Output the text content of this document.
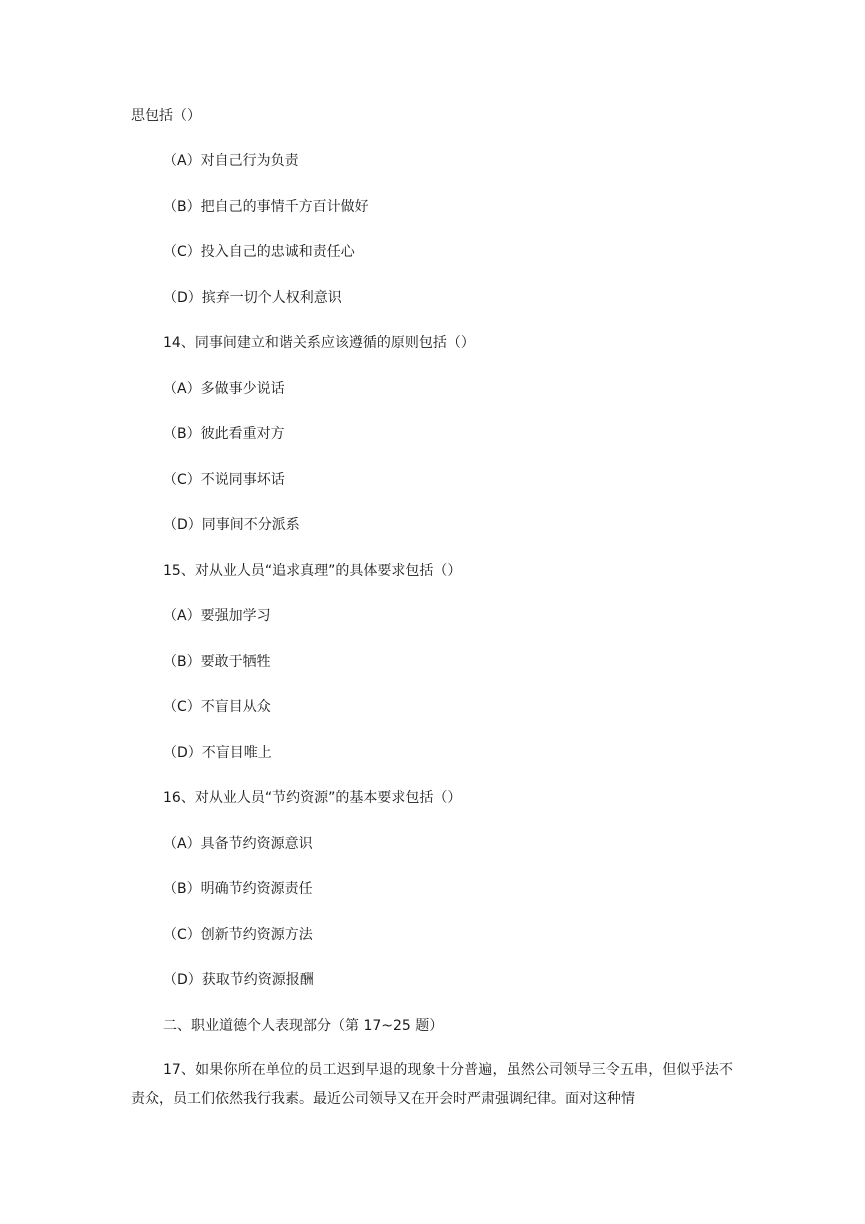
思包括（）
（A）对自己行为负责
（B）把自己的事情千方百计做好
（C）投入自己的忠诚和责任心
（D）摈弃一切个人权利意识
14、同事间建立和谐关系应该遵循的原则包括（）
（A）多做事少说话
（B）彼此看重对方
（C）不说同事坏话
（D）同事间不分派系
15、对从业人员“追求真理”的具体要求包括（）
（A）要强加学习
（B）要敢于牺牲
（C）不盲目从众
（D）不盲目唯上
16、对从业人员“节约资源”的基本要求包括（）
（A）具备节约资源意识
（B）明确节约资源责任
（C）创新节约资源方法
（D）获取节约资源报酬
二、职业道德个人表现部分（第 17~25 题）
17、如果你所在单位的员工迟到早退的现象十分普遍，虽然公司领导三令五串，但似乎法不责众，员工们依然我行我素。最近公司领导又在开会时严肃强调纪律。面对这种情
